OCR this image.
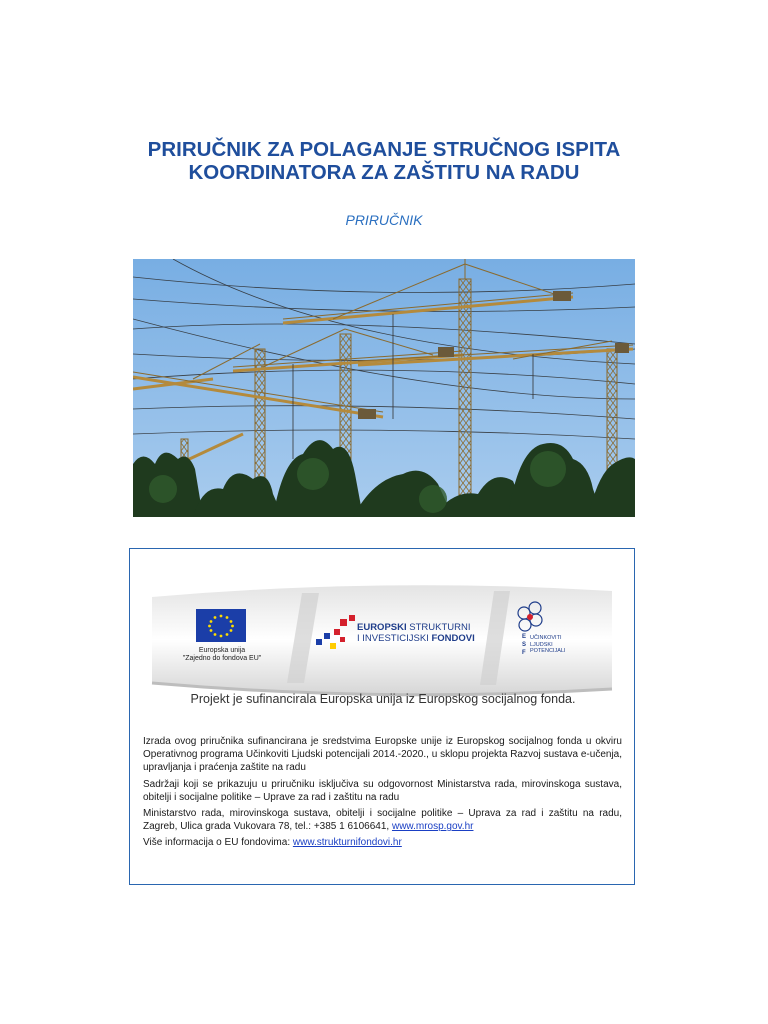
PRIRUČNIK ZA POLAGANJE STRUČNOG ISPITA
KOORDINATORA ZA ZAŠTITU NA RADU
PRIRUČNIK
Europska unija
"Zajedno do fondova EU"
EUROPSKI STRUKTURNI
I INVESTICIJSKI FONDOVI	E
S
F
UČINKOVITI
LJUDSKI
POTENCIJALI
Projekt je sufinancirala Europska unija iz Europskog socijalnog fonda.

Izrada ovog priručnika sufinancirana je sredstvima Europske unije iz Europskog socijalnog fonda u okviru Operativnog programa Učinkoviti Ljudski potencijali 2014.-2020., u sklopu projekta Razvoj sustava e-učenja, upravljanja i praćenja zaštite na radu

Sadržaji koji se prikazuju u priručniku isključiva su odgovornost Ministarstva rada, mirovinskoga sustava, obitelji i socijalne politike – Uprave za rad i zaštitu na radu

Ministarstvo rada, mirovinskoga sustava, obitelji i socijalne politike – Uprava za rad i zaštitu na radu, Zagreb, Ulica grada Vukovara 78, tel.: +385 1 6106641, www.mrosp.gov.hr

Više informacija o EU fondovima: www.strukturnifondovi.hr
